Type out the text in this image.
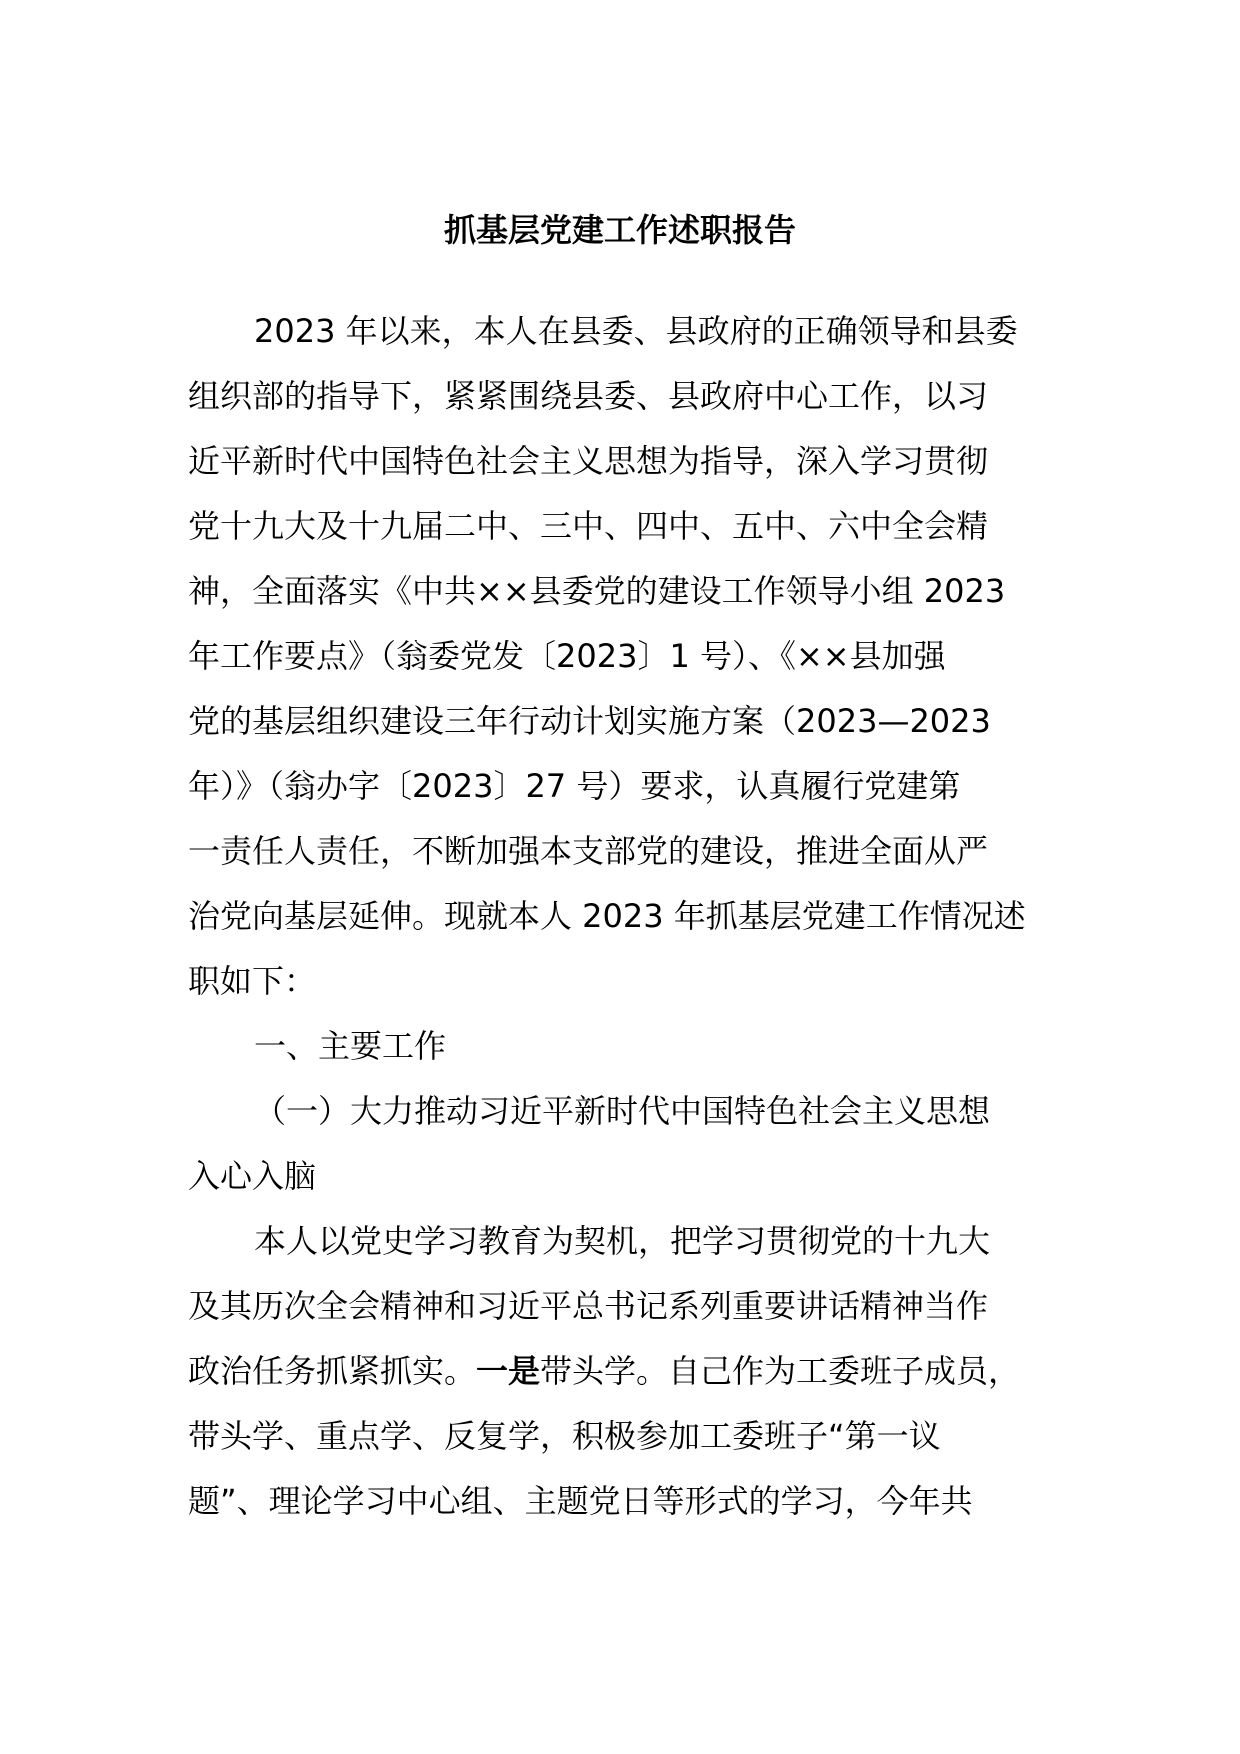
抓基层党建工作述职报告
2023 年以来，本人在县委、县政府的正确领导和县委
组织部的指导下，紧紧围绕县委、县政府中心工作，以习
近平新时代中国特色社会主义思想为指导，深入学习贯彻
党十九大及十九届二中、三中、四中、五中、六中全会精
神，全面落实《中共××县委党的建设工作领导小组 2023
年工作要点》（翁委党发〔2023〕1 号）、《××县加强
党的基层组织建设三年行动计划实施方案（2023—2023
年）》（翁办字〔2023〕27 号）要求，认真履行党建第
一责任人责任，不断加强本支部党的建设，推进全面从严
治党向基层延伸。现就本人 2023 年抓基层党建工作情况述
职如下：
一、主要工作
（一）大力推动习近平新时代中国特色社会主义思想
入心入脑
本人以党史学习教育为契机，把学习贯彻党的十九大
及其历次全会精神和习近平总书记系列重要讲话精神当作
政治任务抓紧抓实。一是带头学。自己作为工委班子成员，
带头学、重点学、反复学，积极参加工委班子“第一议
题”、理论学习中心组、主题党日等形式的学习，今年共
